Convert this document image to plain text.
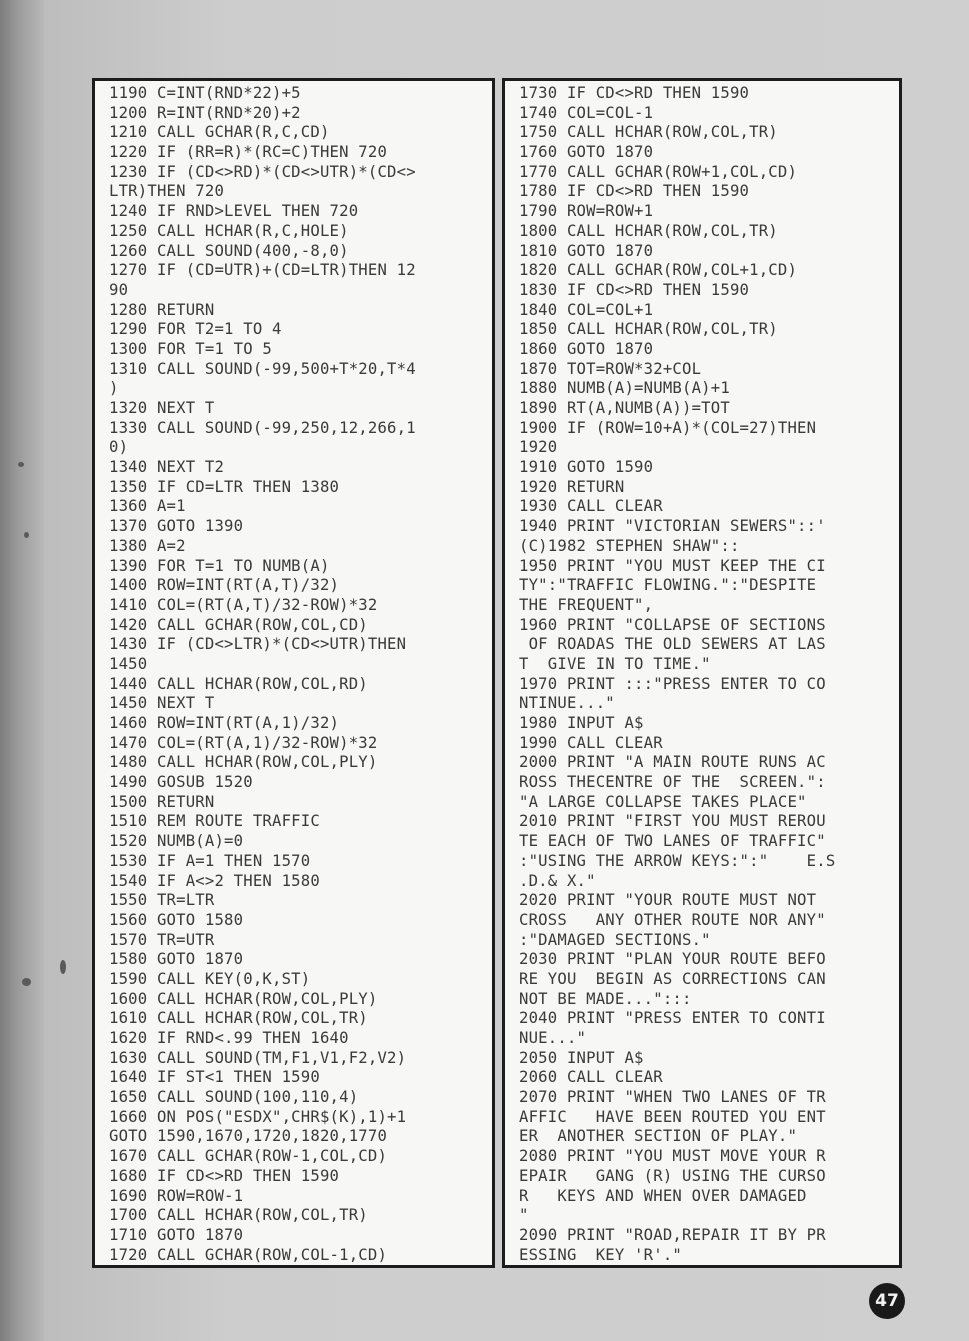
1190 C=INT(RND*22)+5
1200 R=INT(RND*20)+2
1210 CALL GCHAR(R,C,CD)
1220 IF (RR=R)*(RC=C)THEN 720
1230 IF (CD<>RD)*(CD<>UTR)*(CD<>
LTR)THEN 720
1240 IF RND>LEVEL THEN 720
1250 CALL HCHAR(R,C,HOLE)
1260 CALL SOUND(400,-8,0)
1270 IF (CD=UTR)+(CD=LTR)THEN 12
90
1280 RETURN
1290 FOR T2=1 TO 4
1300 FOR T=1 TO 5
1310 CALL SOUND(-99,500+T*20,T*4
)
1320 NEXT T
1330 CALL SOUND(-99,250,12,266,1
0)
1340 NEXT T2
1350 IF CD=LTR THEN 1380
1360 A=1
1370 GOTO 1390
1380 A=2
1390 FOR T=1 TO NUMB(A)
1400 ROW=INT(RT(A,T)/32)
1410 COL=(RT(A,T)/32-ROW)*32
1420 CALL GCHAR(ROW,COL,CD)
1430 IF (CD<>LTR)*(CD<>UTR)THEN
1450
1440 CALL HCHAR(ROW,COL,RD)
1450 NEXT T
1460 ROW=INT(RT(A,1)/32)
1470 COL=(RT(A,1)/32-ROW)*32
1480 CALL HCHAR(ROW,COL,PLY)
1490 GOSUB 1520
1500 RETURN
1510 REM ROUTE TRAFFIC
1520 NUMB(A)=0
1530 IF A=1 THEN 1570
1540 IF A<>2 THEN 1580
1550 TR=LTR
1560 GOTO 1580
1570 TR=UTR
1580 GOTO 1870
1590 CALL KEY(0,K,ST)
1600 CALL HCHAR(ROW,COL,PLY)
1610 CALL HCHAR(ROW,COL,TR)
1620 IF RND<.99 THEN 1640
1630 CALL SOUND(TM,F1,V1,F2,V2)
1640 IF ST<1 THEN 1590
1650 CALL SOUND(100,110,4)
1660 ON POS("ESDX",CHR$(K),1)+1
GOTO 1590,1670,1720,1820,1770
1670 CALL GCHAR(ROW-1,COL,CD)
1680 IF CD<>RD THEN 1590
1690 ROW=ROW-1
1700 CALL HCHAR(ROW,COL,TR)
1710 GOTO 1870
1720 CALL GCHAR(ROW,COL-1,CD)
1730 IF CD<>RD THEN 1590
1740 COL=COL-1
1750 CALL HCHAR(ROW,COL,TR)
1760 GOTO 1870
1770 CALL GCHAR(ROW+1,COL,CD)
1780 IF CD<>RD THEN 1590
1790 ROW=ROW+1
1800 CALL HCHAR(ROW,COL,TR)
1810 GOTO 1870
1820 CALL GCHAR(ROW,COL+1,CD)
1830 IF CD<>RD THEN 1590
1840 COL=COL+1
1850 CALL HCHAR(ROW,COL,TR)
1860 GOTO 1870
1870 TOT=ROW*32+COL
1880 NUMB(A)=NUMB(A)+1
1890 RT(A,NUMB(A))=TOT
1900 IF (ROW=10+A)*(COL=27)THEN
1920
1910 GOTO 1590
1920 RETURN
1930 CALL CLEAR
1940 PRINT "VICTORIAN SEWERS"::'
(C)1982 STEPHEN SHAW"::
1950 PRINT "YOU MUST KEEP THE CI
TY":"TRAFFIC FLOWING.":"DESPITE
THE FREQUENT",
1960 PRINT "COLLAPSE OF SECTIONS
OF ROADAS THE OLD SEWERS AT LAS
T  GIVE IN TO TIME."
1970 PRINT :::"PRESS ENTER TO CO
NTINUE..."
1980 INPUT A$
1990 CALL CLEAR
2000 PRINT "A MAIN ROUTE RUNS AC
ROSS THECENTRE OF THE  SCREEN.":
"A LARGE COLLAPSE TAKES PLACE"
2010 PRINT "FIRST YOU MUST REROU
TE EACH OF TWO LANES OF TRAFFIC"
:"USING THE ARROW KEYS:":"    E.S
.D.& X."
2020 PRINT "YOUR ROUTE MUST NOT
CROSS   ANY OTHER ROUTE NOR ANY"
:"DAMAGED SECTIONS."
2030 PRINT "PLAN YOUR ROUTE BEFO
RE YOU  BEGIN AS CORRECTIONS CAN
NOT BE MADE...":::
2040 PRINT "PRESS ENTER TO CONTI
NUE..."
2050 INPUT A$
2060 CALL CLEAR
2070 PRINT "WHEN TWO LANES OF TR
AFFIC   HAVE BEEN ROUTED YOU ENT
ER  ANOTHER SECTION OF PLAY."
2080 PRINT "YOU MUST MOVE YOUR R
EPAIR   GANG (R) USING THE CURSO
R   KEYS AND WHEN OVER DAMAGED
"
2090 PRINT "ROAD,REPAIR IT BY PR
ESSING  KEY 'R'."
47
